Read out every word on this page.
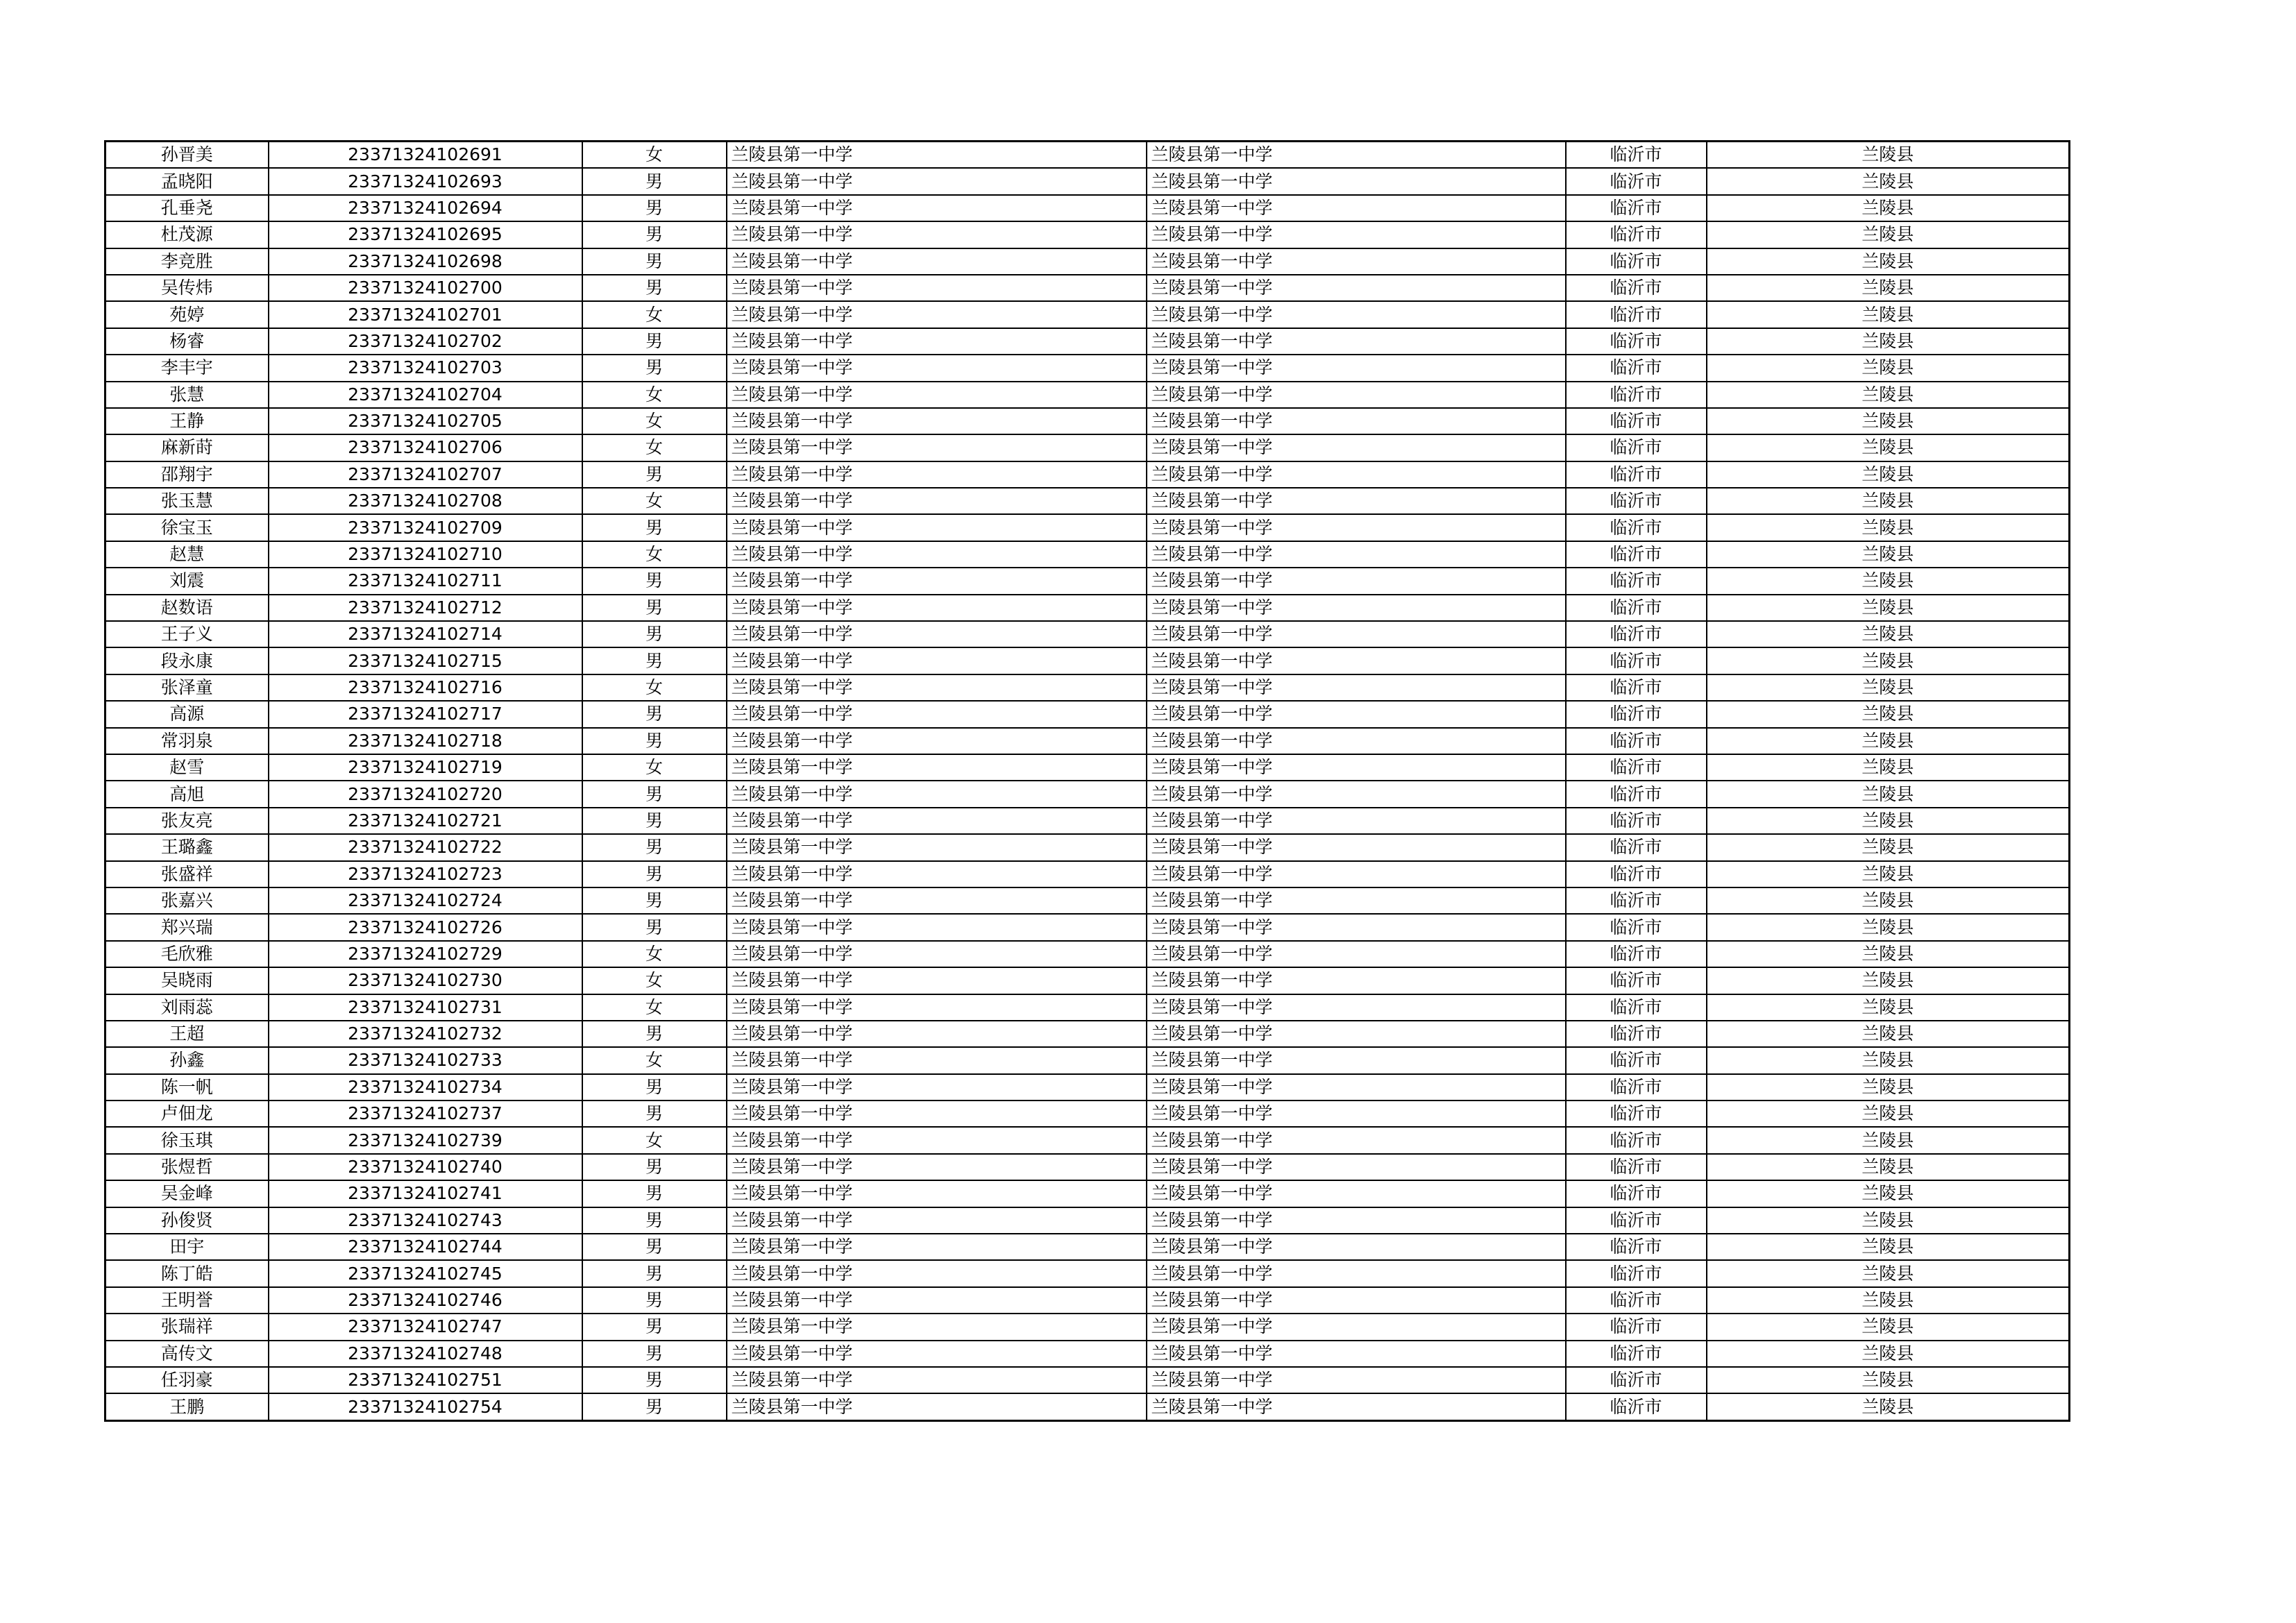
孙晋美	23371324102691	女	兰陵县第一中学	兰陵县第一中学	临沂市	兰陵县
孟晓阳	23371324102693	男	兰陵县第一中学	兰陵县第一中学	临沂市	兰陵县
孔垂尧	23371324102694	男	兰陵县第一中学	兰陵县第一中学	临沂市	兰陵县
杜茂源	23371324102695	男	兰陵县第一中学	兰陵县第一中学	临沂市	兰陵县
李竞胜	23371324102698	男	兰陵县第一中学	兰陵县第一中学	临沂市	兰陵县
吴传炜	23371324102700	男	兰陵县第一中学	兰陵县第一中学	临沂市	兰陵县
苑婷	23371324102701	女	兰陵县第一中学	兰陵县第一中学	临沂市	兰陵县
杨睿	23371324102702	男	兰陵县第一中学	兰陵县第一中学	临沂市	兰陵县
李丰宇	23371324102703	男	兰陵县第一中学	兰陵县第一中学	临沂市	兰陵县
张慧	23371324102704	女	兰陵县第一中学	兰陵县第一中学	临沂市	兰陵县
王静	23371324102705	女	兰陵县第一中学	兰陵县第一中学	临沂市	兰陵县
麻新莳	23371324102706	女	兰陵县第一中学	兰陵县第一中学	临沂市	兰陵县
邵翔宇	23371324102707	男	兰陵县第一中学	兰陵县第一中学	临沂市	兰陵县
张玉慧	23371324102708	女	兰陵县第一中学	兰陵县第一中学	临沂市	兰陵县
徐宝玉	23371324102709	男	兰陵县第一中学	兰陵县第一中学	临沂市	兰陵县
赵慧	23371324102710	女	兰陵县第一中学	兰陵县第一中学	临沂市	兰陵县
刘震	23371324102711	男	兰陵县第一中学	兰陵县第一中学	临沂市	兰陵县
赵数语	23371324102712	男	兰陵县第一中学	兰陵县第一中学	临沂市	兰陵县
王子义	23371324102714	男	兰陵县第一中学	兰陵县第一中学	临沂市	兰陵县
段永康	23371324102715	男	兰陵县第一中学	兰陵县第一中学	临沂市	兰陵县
张泽童	23371324102716	女	兰陵县第一中学	兰陵县第一中学	临沂市	兰陵县
高源	23371324102717	男	兰陵县第一中学	兰陵县第一中学	临沂市	兰陵县
常羽泉	23371324102718	男	兰陵县第一中学	兰陵县第一中学	临沂市	兰陵县
赵雪	23371324102719	女	兰陵县第一中学	兰陵县第一中学	临沂市	兰陵县
高旭	23371324102720	男	兰陵县第一中学	兰陵县第一中学	临沂市	兰陵县
张友亮	23371324102721	男	兰陵县第一中学	兰陵县第一中学	临沂市	兰陵县
王璐鑫	23371324102722	男	兰陵县第一中学	兰陵县第一中学	临沂市	兰陵县
张盛祥	23371324102723	男	兰陵县第一中学	兰陵县第一中学	临沂市	兰陵县
张嘉兴	23371324102724	男	兰陵县第一中学	兰陵县第一中学	临沂市	兰陵县
郑兴瑞	23371324102726	男	兰陵县第一中学	兰陵县第一中学	临沂市	兰陵县
毛欣雅	23371324102729	女	兰陵县第一中学	兰陵县第一中学	临沂市	兰陵县
吴晓雨	23371324102730	女	兰陵县第一中学	兰陵县第一中学	临沂市	兰陵县
刘雨蕊	23371324102731	女	兰陵县第一中学	兰陵县第一中学	临沂市	兰陵县
王超	23371324102732	男	兰陵县第一中学	兰陵县第一中学	临沂市	兰陵县
孙鑫	23371324102733	女	兰陵县第一中学	兰陵县第一中学	临沂市	兰陵县
陈一帆	23371324102734	男	兰陵县第一中学	兰陵县第一中学	临沂市	兰陵县
卢佃龙	23371324102737	男	兰陵县第一中学	兰陵县第一中学	临沂市	兰陵县
徐玉琪	23371324102739	女	兰陵县第一中学	兰陵县第一中学	临沂市	兰陵县
张煜哲	23371324102740	男	兰陵县第一中学	兰陵县第一中学	临沂市	兰陵县
吴金峰	23371324102741	男	兰陵县第一中学	兰陵县第一中学	临沂市	兰陵县
孙俊贤	23371324102743	男	兰陵县第一中学	兰陵县第一中学	临沂市	兰陵县
田宇	23371324102744	男	兰陵县第一中学	兰陵县第一中学	临沂市	兰陵县
陈丁皓	23371324102745	男	兰陵县第一中学	兰陵县第一中学	临沂市	兰陵县
王明誉	23371324102746	男	兰陵县第一中学	兰陵县第一中学	临沂市	兰陵县
张瑞祥	23371324102747	男	兰陵县第一中学	兰陵县第一中学	临沂市	兰陵县
高传文	23371324102748	男	兰陵县第一中学	兰陵县第一中学	临沂市	兰陵县
任羽豪	23371324102751	男	兰陵县第一中学	兰陵县第一中学	临沂市	兰陵县
王鹏	23371324102754	男	兰陵县第一中学	兰陵县第一中学	临沂市	兰陵县
